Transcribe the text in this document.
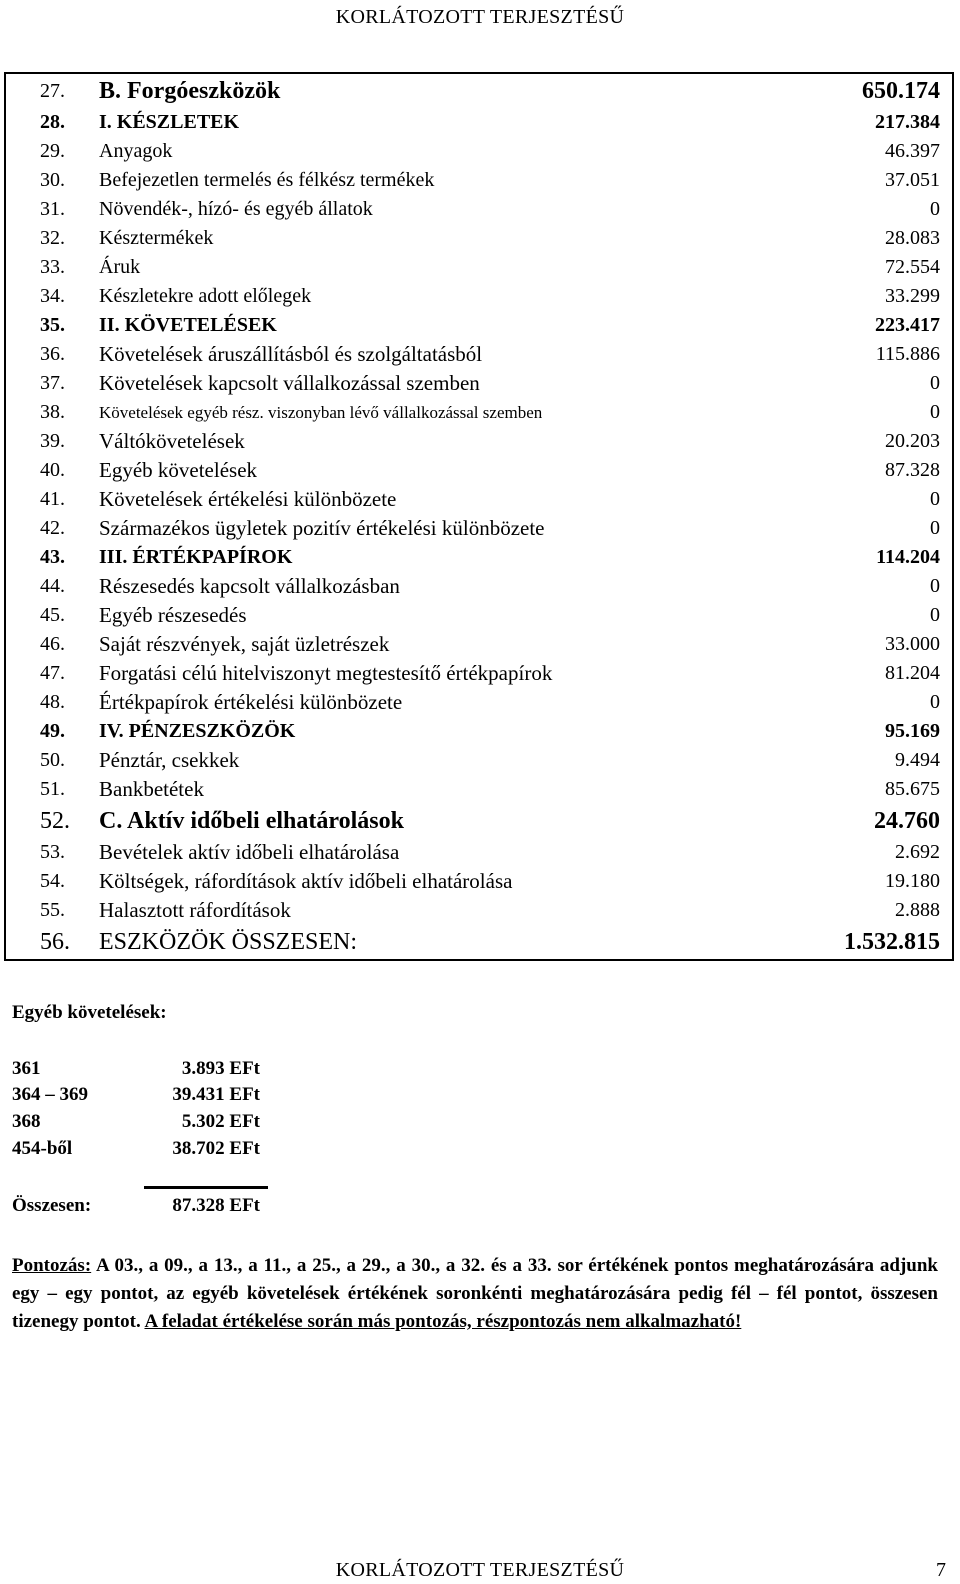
KORLÁTOZOTT TERJESZTÉSŰ
27.	B. Forgóeszközök	650.174
28.	I. KÉSZLETEK	217.384
29.	Anyagok	46.397
30.	Befejezetlen termelés és félkész termékek	37.051
31.	Növendék-, hízó- és egyéb állatok	0
32.	Késztermékek	28.083
33.	Áruk	72.554
34.	Készletekre adott előlegek	33.299
35.	II. KÖVETELÉSEK	223.417
36.	Követelések áruszállításból és szolgáltatásból	115.886
37.	Követelések kapcsolt vállalkozással szemben	0
38.	Követelések egyéb rész. viszonyban lévő vállalkozással szemben	0
39.	Váltókövetelések	20.203
40.	Egyéb követelések	87.328
41.	Követelések értékelési különbözete	0
42.	Származékos ügyletek pozitív értékelési különbözete	0
43.	III. ÉRTÉKPAPÍROK	114.204
44.	Részesedés kapcsolt vállalkozásban	0
45.	Egyéb részesedés	0
46.	Saját részvények, saját üzletrészek	33.000
47.	Forgatási célú hitelviszonyt megtestesítő értékpapírok	81.204
48.	Értékpapírok értékelési különbözete	0
49.	IV. PÉNZESZKÖZÖK	95.169
50.	Pénztár, csekkek	9.494
51.	Bankbetétek	85.675
52.	C. Aktív időbeli elhatárolások	24.760
53.	Bevételek aktív időbeli elhatárolása	2.692
54.	Költségek, ráfordítások aktív időbeli elhatárolása	19.180
55.	Halasztott ráfordítások	2.888
56.	ESZKÖZÖK ÖSSZESEN:	1.532.815
Egyéb követelések:
361	3.893 EFt
364 – 369	39.431 EFt
368	5.302 EFt
454-ből	38.702 EFt
Összesen:	87.328 EFt
Pontozás: A 03., a 09., a 13., a 11., a 25., a 29., a 30., a 32. és a 33. sor értékének pontos meghatározására adjunk egy – egy pontot, az egyéb követelések értékének soronkénti meghatározására pedig fél – fél pontot, összesen tizenegy pontot. A feladat értékelése során más pontozás, részpontozás nem alkalmazható!
KORLÁTOZOTT TERJESZTÉSŰ	7
